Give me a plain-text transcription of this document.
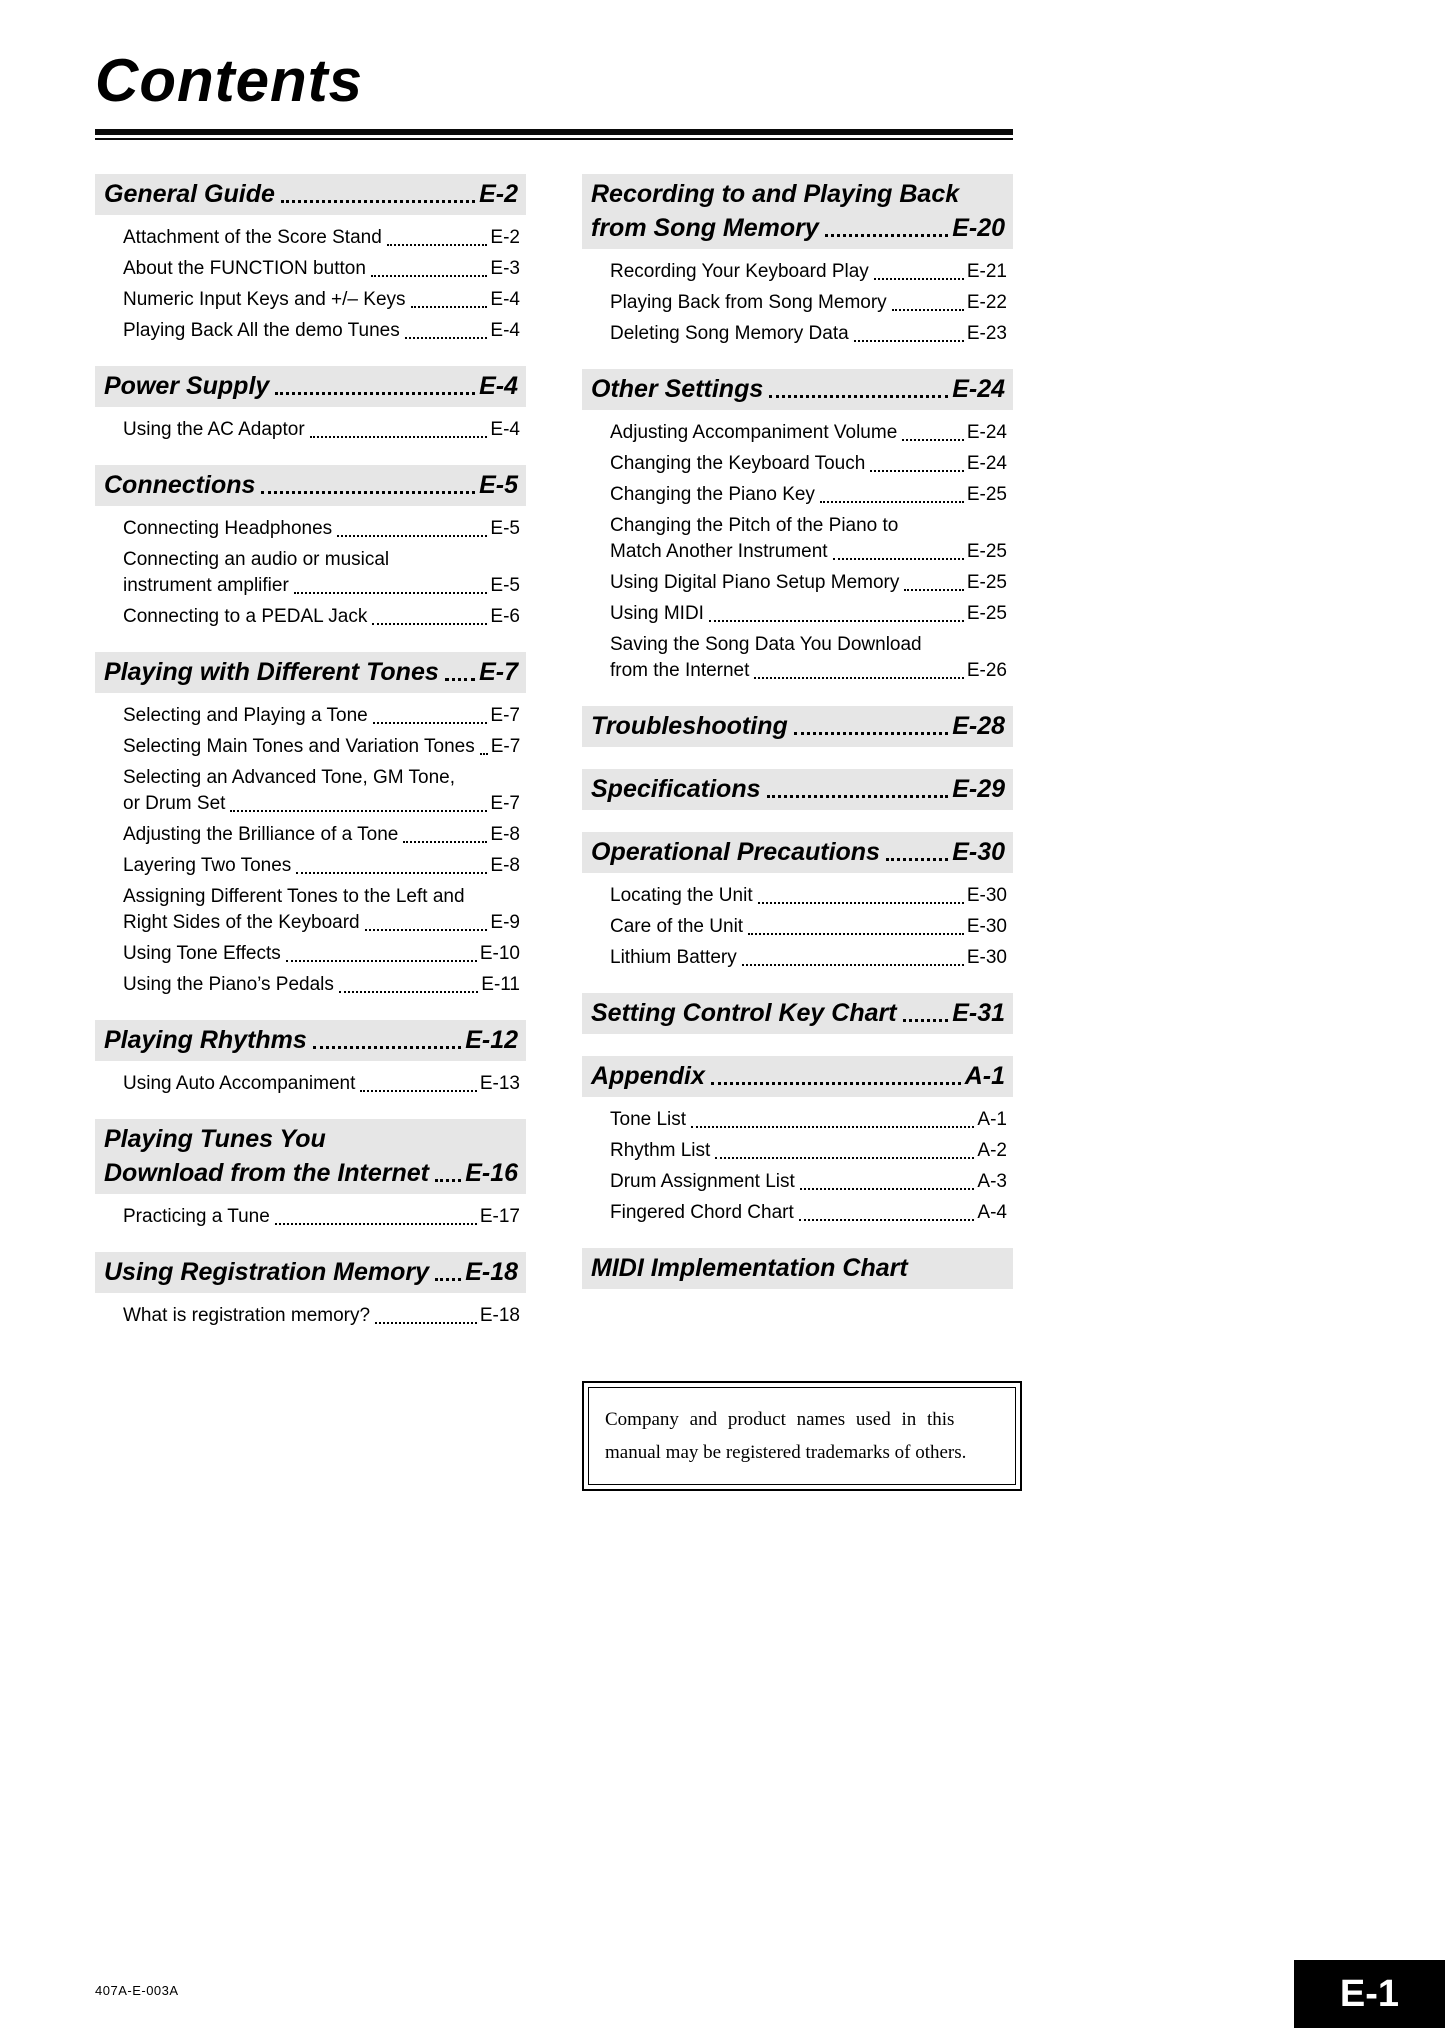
Contents
General Guide	E-2
Attachment of the Score Stand	E-2
About the FUNCTION button	E-3
Numeric Input Keys and +/– Keys	E-4
Playing Back All the demo Tunes	E-4
Power Supply	E-4
Using the AC Adaptor	E-4
Connections	E-5
Connecting Headphones	E-5
Connecting an audio or musical
instrument amplifier	E-5
Connecting to a PEDAL Jack	E-6
Playing with Different Tones E-7
Selecting and Playing a Tone	E-7
Selecting Main Tones and Variation Tones E-7
Selecting an Advanced Tone, GM Tone,
or Drum Set	E-7
Adjusting the Brilliance of a Tone	E-8
Layering Two Tones	E-8
Assigning Different Tones to the Left and
Right Sides of the Keyboard	E-9
Using Tone Effects	E-10
Using the Piano’s Pedals	E-11
Playing Rhythms	E-12
Using Auto Accompaniment	E-13
Playing Tunes You
Download from the Internet E-16
Practicing a Tune	E-17
Using Registration Memory E-18
What is registration memory?	E-18
Recording to and Playing Back
from Song Memory	E-20
Recording Your Keyboard Play	E-21
Playing Back from Song Memory	E-22
Deleting Song Memory Data	E-23
Other Settings	E-24
Adjusting Accompaniment Volume	E-24
Changing the Keyboard Touch	E-24
Changing the Piano Key	E-25
Changing the Pitch of the Piano to
Match Another Instrument	E-25
Using Digital Piano Setup Memory	E-25
Using MIDI	E-25
Saving the Song Data You Download
from the Internet	E-26
Troubleshooting	E-28
Specifications	E-29
Operational Precautions	E-30
Locating the Unit	E-30
Care of the Unit	E-30
Lithium Battery	E-30
Setting Control Key Chart E-31
Appendix	A-1
Tone List	A-1
Rhythm List	A-2
Drum Assignment List	A-3
Fingered Chord Chart	A-4
MIDI Implementation Chart
Company and product names used in this
manual may be registered trademarks of others.
407A-E-003A	E-1
